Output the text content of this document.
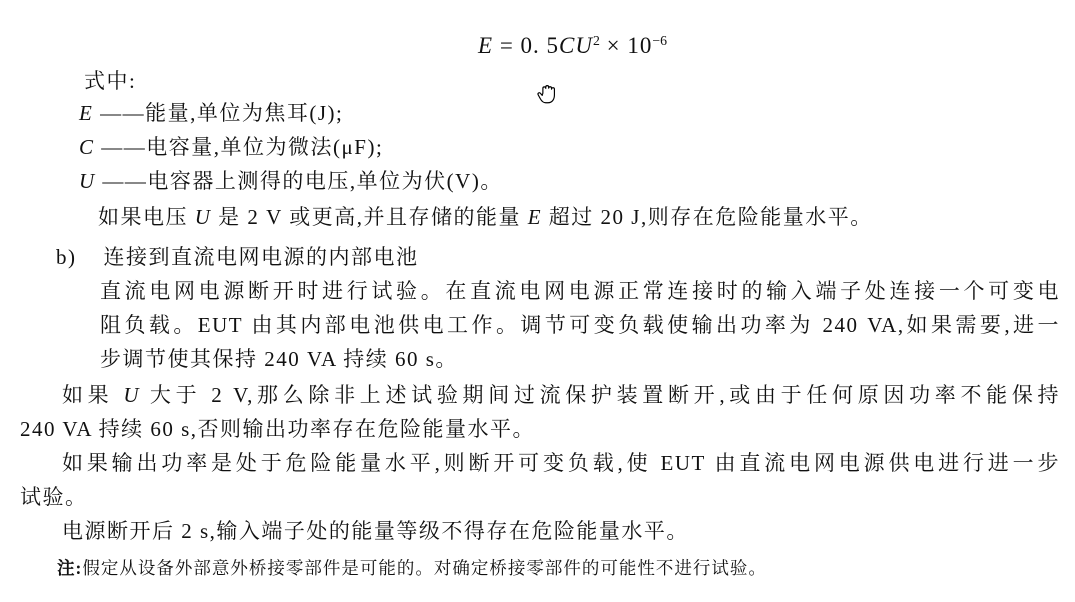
E = 0. $5CU^2 \times 10^{-6}$
式中:
E ——能量,单位为焦耳(J);
C ——电容量,单位为微法(μF);
U ——电容器上测得的电压,单位为伏(V)。
如果电压 U 是 2 V 或更高,并且存储的能量 E 超过 20 J,则存在危险能量水平。
b) 连接到直流电网电源的内部电池
直流电网电源断开时进行试验。在直流电网电源正常连接时的输入端子处连接一个可变电
阻负载。EUT 由其内部电池供电工作。调节可变负载使输出功率为 240 VA,如果需要,进一
步调节使其保持 240 VA 持续 60 s。
如果 U 大于 2 V,那么除非上述试验期间过流保护装置断开,或由于任何原因功率不能保持
240 VA 持续 60 s,否则输出功率存在危险能量水平。
如果输出功率是处于危险能量水平,则断开可变负载,使 EUT 由直流电网电源供电进行进一步
试验。
电源断开后 2 s,输入端子处的能量等级不得存在危险能量水平。
注:假定从设备外部意外桥接零部件是可能的。对确定桥接零部件的可能性不进行试验。
